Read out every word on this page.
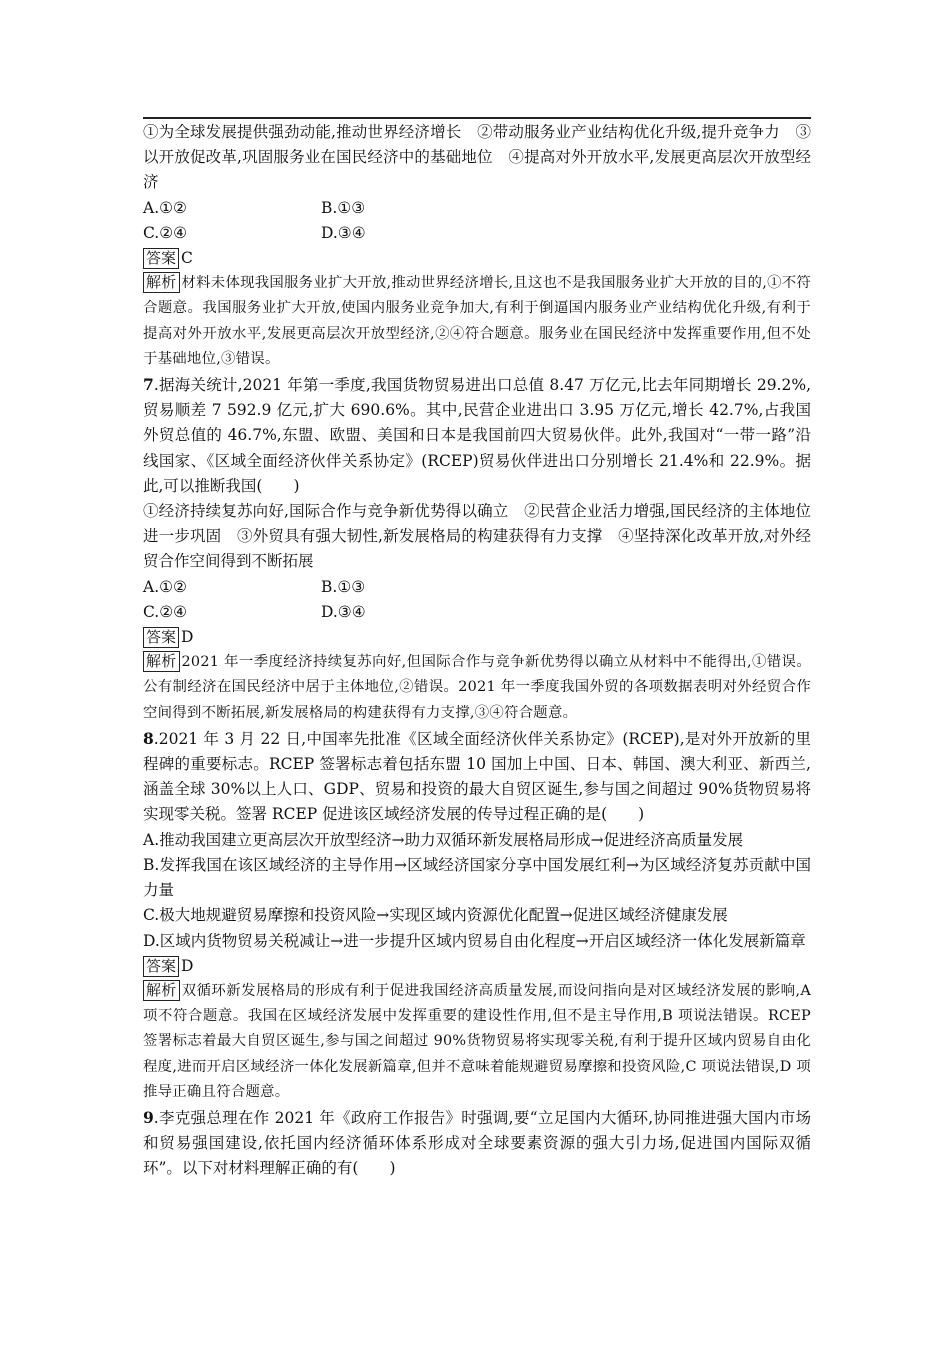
①为全球发展提供强劲动能,推动世界经济增长　②带动服务业产业结构优化升级,提升竞争力　③以开放促改革,巩固服务业在国民经济中的基础地位　④提高对外开放水平,发展更高层次开放型经济

A.①②	B.①③
C.②④	D.③④

答案 C

解析 材料未体现我国服务业扩大开放,推动世界经济增长,且这也不是我国服务业扩大开放的目的,①不符合题意。我国服务业扩大开放,使国内服务业竞争加大,有利于倒逼国内服务业产业结构优化升级,有利于提高对外开放水平,发展更高层次开放型经济,②④符合题意。服务业在国民经济中发挥重要作用,但不处于基础地位,③错误。

7.据海关统计,2021 年第一季度,我国货物贸易进出口总值 8.47 万亿元,比去年同期增长 29.2%,贸易顺差 7 592.9 亿元,扩大 690.6%。其中,民营企业进出口 3.95 万亿元,增长 42.7%,占我国外贸总值的 46.7%,东盟、欧盟、美国和日本是我国前四大贸易伙伴。此外,我国对“一带一路”沿线国家、《区域全面经济伙伴关系协定》(RCEP)贸易伙伴进出口分别增长 21.4%和 22.9%。据此,可以推断我国(　　)

①经济持续复苏向好,国际合作与竞争新优势得以确立　②民营企业活力增强,国民经济的主体地位进一步巩固　③外贸具有强大韧性,新发展格局的构建获得有力支撑　④坚持深化改革开放,对外经贸合作空间得到不断拓展

A.①②	B.①③
C.②④	D.③④

答案 D

解析 2021 年一季度经济持续复苏向好,但国际合作与竞争新优势得以确立从材料中不能得出,①错误。公有制经济在国民经济中居于主体地位,②错误。2021 年一季度我国外贸的各项数据表明对外经贸合作空间得到不断拓展,新发展格局的构建获得有力支撑,③④符合题意。

8.2021 年 3 月 22 日,中国率先批准《区域全面经济伙伴关系协定》(RCEP),是对外开放新的里程碑的重要标志。RCEP 签署标志着包括东盟 10 国加上中国、日本、韩国、澳大利亚、新西兰,涵盖全球 30%以上人口、GDP、贸易和投资的最大自贸区诞生,参与国之间超过 90%货物贸易将实现零关税。签署 RCEP 促进该区域经济发展的传导过程正确的是(　　)

A.推动我国建立更高层次开放型经济→助力双循环新发展格局形成→促进经济高质量发展

B.发挥我国在该区域经济的主导作用→区域经济国家分享中国发展红利→为区域经济复苏贡献中国力量

C.极大地规避贸易摩擦和投资风险→实现区域内资源优化配置→促进区域经济健康发展

D.区域内货物贸易关税减让→进一步提升区域内贸易自由化程度→开启区域经济一体化发展新篇章

答案 D

解析 双循环新发展格局的形成有利于促进我国经济高质量发展,而设问指向是对区域经济发展的影响,A 项不符合题意。我国在区域经济发展中发挥重要的建设性作用,但不是主导作用,B 项说法错误。RCEP 签署标志着最大自贸区诞生,参与国之间超过 90%货物贸易将实现零关税,有利于提升区域内贸易自由化程度,进而开启区域经济一体化发展新篇章,但并不意味着能规避贸易摩擦和投资风险,C 项说法错误,D 项推导正确且符合题意。

9.李克强总理在作 2021 年《政府工作报告》时强调,要“立足国内大循环,协同推进强大国内市场和贸易强国建设,依托国内经济循环体系形成对全球要素资源的强大引力场,促进国内国际双循环”。以下对材料理解正确的有(　　)
